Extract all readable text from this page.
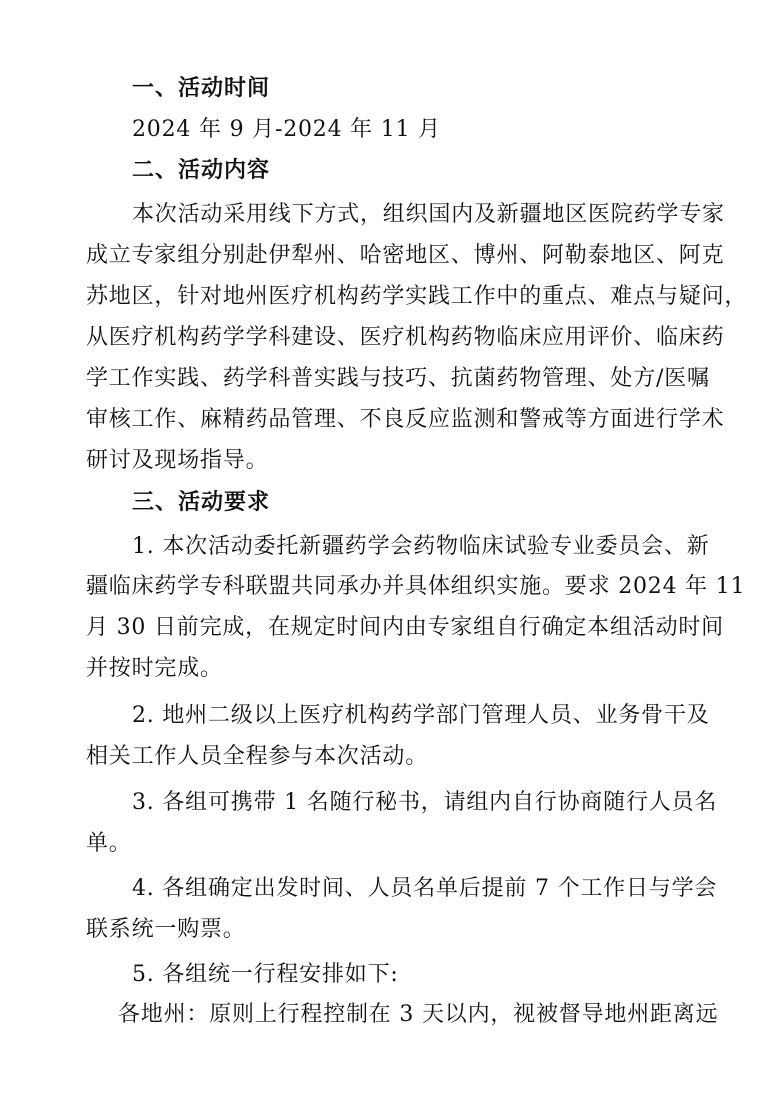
一、活动时间
2024 年 9 月-2024 年 11 月
二、活动内容
本次活动采用线下方式，组织国内及新疆地区医院药学专家
成立专家组分别赴伊犁州、哈密地区、博州、阿勒泰地区、阿克
苏地区，针对地州医疗机构药学实践工作中的重点、难点与疑问，
从医疗机构药学学科建设、医疗机构药物临床应用评价、临床药
学工作实践、药学科普实践与技巧、抗菌药物管理、处方/医嘱
审核工作、麻精药品管理、不良反应监测和警戒等方面进行学术
研讨及现场指导。
三、活动要求
1. 本次活动委托新疆药学会药物临床试验专业委员会、新
疆临床药学专科联盟共同承办并具体组织实施。要求 2024 年 11
月 30 日前完成，在规定时间内由专家组自行确定本组活动时间
并按时完成。
2. 地州二级以上医疗机构药学部门管理人员、业务骨干及
相关工作人员全程参与本次活动。
3. 各组可携带 1 名随行秘书，请组内自行协商随行人员名
单。
4. 各组确定出发时间、人员名单后提前 7 个工作日与学会
联系统一购票。
5. 各组统一行程安排如下:
各地州：原则上行程控制在 3 天以内，视被督导地州距离远
